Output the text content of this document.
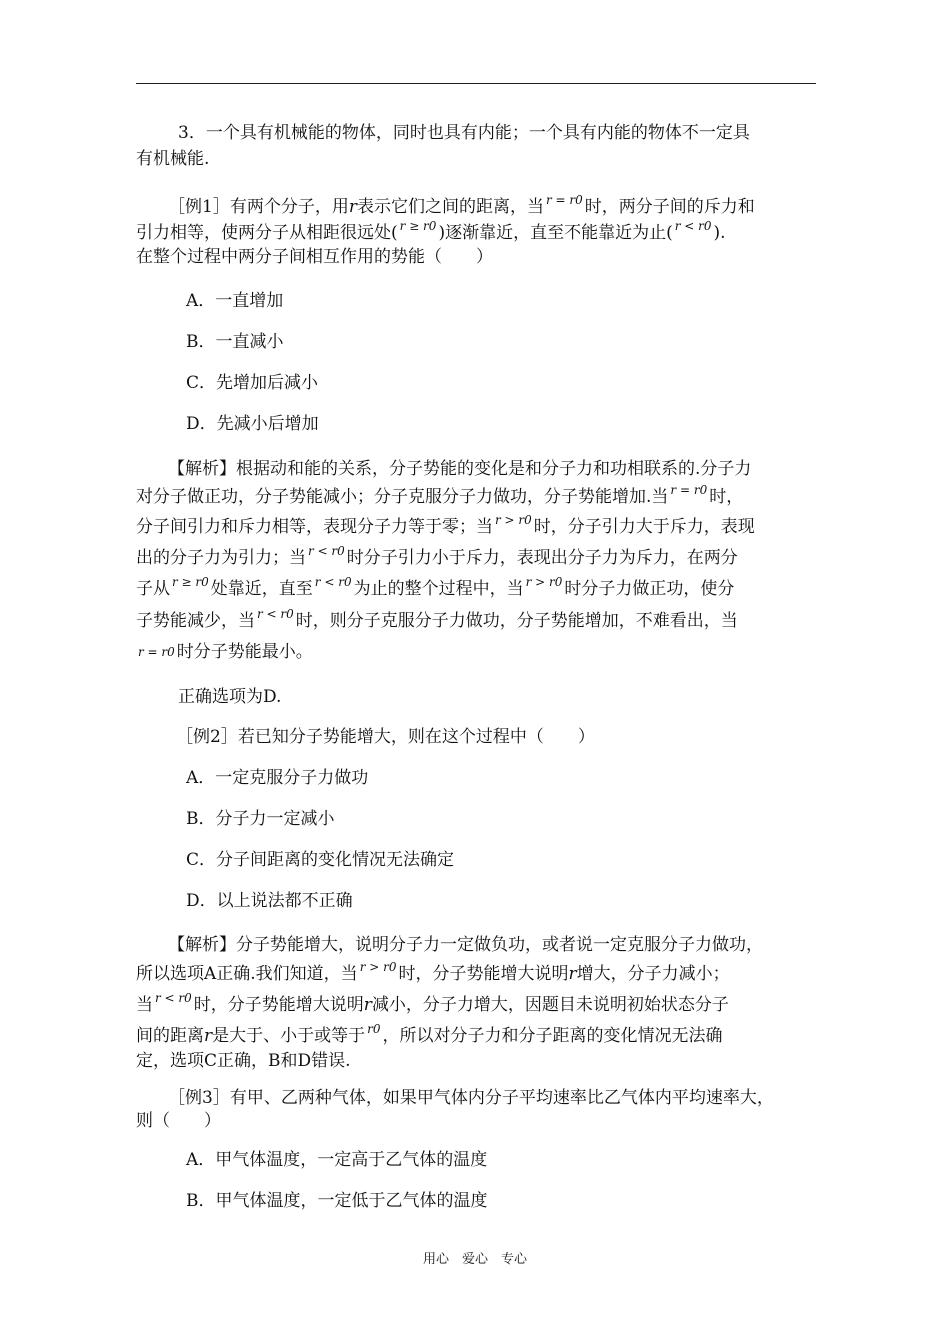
3．一个具有机械能的物体，同时也具有内能；一个具有内能的物体不一定具

有机械能.

［例1］有两个分子，用r表示它们之间的距离，当 $^{r = r0}$ 时，两分子间的斥力和

引力相等，使两分子从相距很远处( $^{r \ge r0}$ )逐渐靠近，直至不能靠近为止( $^{r < r0}$ ).

在整个过程中两分子间相互作用的势能（　　）

A．一直增加

B．一直减小

C．先增加后减小

D．先减小后增加

【解析】根据动和能的关系，分子势能的变化是和分子力和功相联系的.分子力

对分子做正功，分子势能减小；分子克服分子力做功，分子势能增加.当 $^{r = r0}$ 时，

分子间引力和斥力相等，表现分子力等于零；当 $^{r > r0}$ 时，分子引力大于斥力，表现

出的分子力为引力；当 $^{r < r0}$ 时分子引力小于斥力，表现出分子力为斥力，在两分

子从 $^{r \ge r0}$ 处靠近，直至 $^{r < r0}$ 为止的整个过程中，当 $^{r > r0}$ 时分子力做正功，使分

子势能减少，当 $^{r < r0}$ 时，则分子克服分子力做功，分子势能增加，不难看出，当

r = r0 时分子势能最小。

正确选项为D.

［例2］若已知分子势能增大，则在这个过程中（　　）

A．一定克服分子力做功

B．分子力一定减小

C．分子间距离的变化情况无法确定

D．以上说法都不正确

【解析】分子势能增大，说明分子力一定做负功，或者说一定克服分子力做功，

所以选项A正确.我们知道，当 $^{r > r0}$ 时，分子势能增大说明r增大，分子力减小；

当 $^{r < r0}$ 时，分子势能增大说明r减小，分子力增大，因题目未说明初始状态分子

间的距离r是大于、小于或等于 $^{r0}$ ，所以对分子力和分子距离的变化情况无法确

定，选项C正确，B和D错误.

［例3］有甲、乙两种气体，如果甲气体内分子平均速率比乙气体内平均速率大，

则（　　）

A．甲气体温度，一定高于乙气体的温度

B．甲气体温度，一定低于乙气体的温度

用心　爱心　专心
